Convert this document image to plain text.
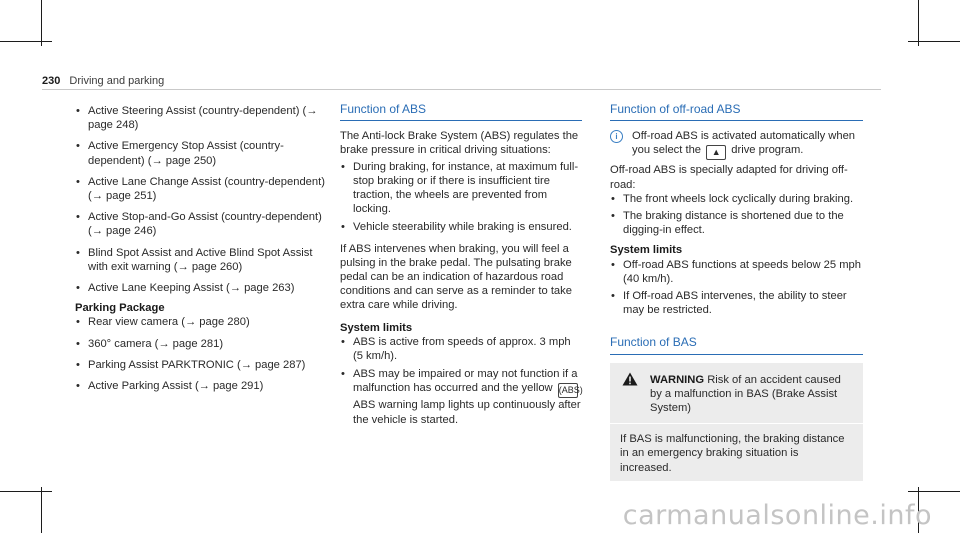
230 Driving and parking

• Active Steering Assist (country-dependent) (→ page 248)

• Active Emergency Stop Assist (country-dependent) (→ page 250)

• Active Lane Change Assist (country-dependent) (→ page 251)

• Active Stop-and-Go Assist (country-dependent) (→ page 246)

• Blind Spot Assist and Active Blind Spot Assist with exit warning (→ page 260)

• Active Lane Keeping Assist (→ page 263)

Parking Package

• Rear view camera (→ page 280)

• 360° camera (→ page 281)

• Parking Assist PARKTRONIC (→ page 287)

• Active Parking Assist (→ page 291)

Function of ABS

The Anti-lock Brake System (ABS) regulates the brake pressure in critical driving situations:

• During braking, for instance, at maximum full-stop braking or if there is insufficient tire traction, the wheels are prevented from locking.

• Vehicle steerability while braking is ensured.

If ABS intervenes when braking, you will feel a pulsing in the brake pedal. The pulsating brake pedal can be an indication of hazardous road conditions and can serve as a reminder to take extra care while driving.

System limits

• ABS is active from speeds of approx. 3 mph (5 km/h).

• ABS may be impaired or may not function if a malfunction has occurred and the yellow (ABS) ABS warning lamp lights up continuously after the vehicle is started.

Function of off-road ABS
i	Off-road ABS is activated automatically when you select the ▲ drive program.

Off-road ABS is specially adapted for driving off-road:

• The front wheels lock cyclically during braking.

• The braking distance is shortened due to the digging-in effect.

System limits

• Off-road ABS functions at speeds below 25 mph (40 km/h).

• If Off-road ABS intervenes, the ability to steer may be restricted.

Function of BAS
WARNING Risk of an accident caused by a malfunction in BAS (Brake Assist System)

If BAS is malfunctioning, the braking distance in an emergency braking situation is increased.

carmanualsonline.info
